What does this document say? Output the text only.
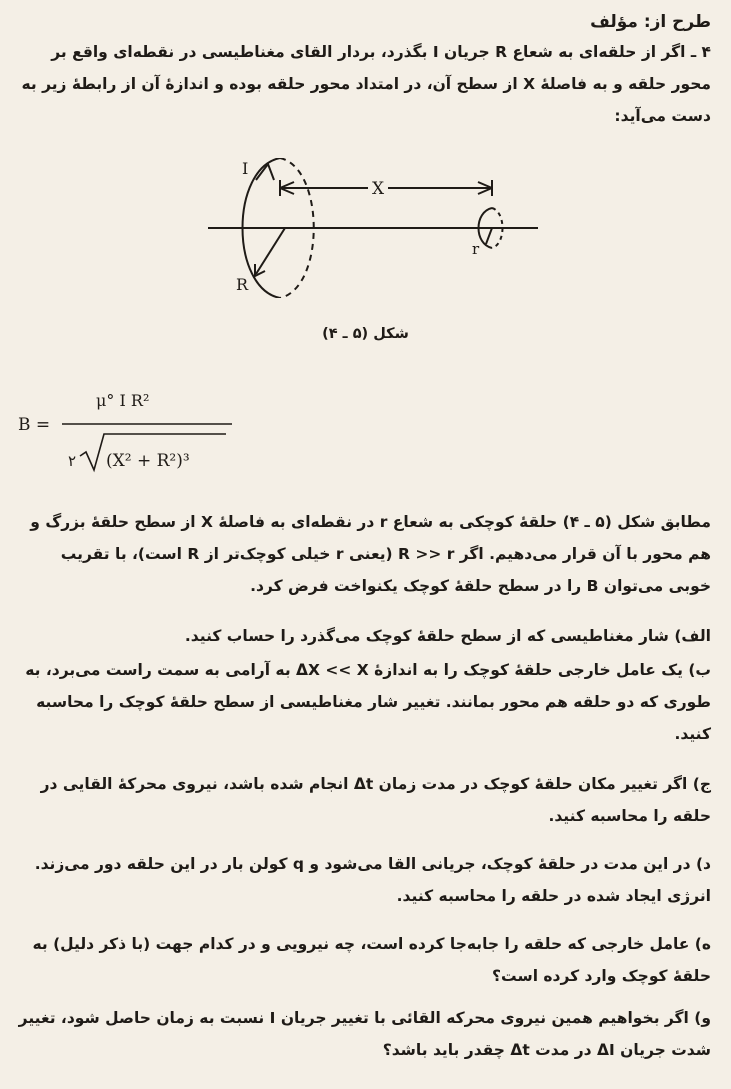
طرح از: مؤلف
۴ ـ اگر از حلقه‌ای به شعاع R جریان I بگذرد، بردار القای مغناطیسی در نقطه‌ای واقع بر محور حلقه و به فاصلهٔ X از سطح آن، در امتداد محور حلقه بوده و اندازهٔ آن از رابطهٔ زیر به دست می‌آید:
X
I
R
r
شکل (۵ ـ ۴)
B =
μ° I R²
۲ (X² + R²)³
مطابق شکل (۵ ـ ۴) حلقهٔ کوچکی به شعاع r در نقطه‌ای به فاصلهٔ X از سطح حلقهٔ بزرگ و هم محور با آن قرار می‌دهیم. اگر R >> r (یعنی r خیلی کوچک‌تر از R است)، با تقریب خوبی می‌توان B را در سطح حلقهٔ کوچک یکنواخت فرض کرد.
الف) شار مغناطیسی که از سطح حلقهٔ کوچک می‌گذرد را حساب کنید.
ب) یک عامل خارجی حلقهٔ کوچک را به اندازهٔ ΔX << X به آرامی به سمت راست می‌برد، به طوری که دو حلقه هم محور بمانند. تغییر شار مغناطیسی از سطح حلقهٔ کوچک را محاسبه کنید.
ج) اگر تغییر مکان حلقهٔ کوچک در مدت زمان Δt انجام شده باشد، نیروی محرکهٔ القایی در حلقه را محاسبه کنید.
د) در این مدت در حلقهٔ کوچک، جریانی القا می‌شود و q کولن بار در این حلقه دور می‌زند. انرژی ایجاد شده در حلقه را محاسبه کنید.
ه) عامل خارجی که حلقه را جابه‌جا کرده است، چه نیرویی و در کدام جهت (با ذکر دلیل) به حلقهٔ کوچک وارد کرده است؟
و) اگر بخواهیم همین نیروی محرکه القائی با تغییر جریان I نسبت به زمان حاصل شود، تغییر شدت جریان ΔI در مدت Δt چقدر باید باشد؟
